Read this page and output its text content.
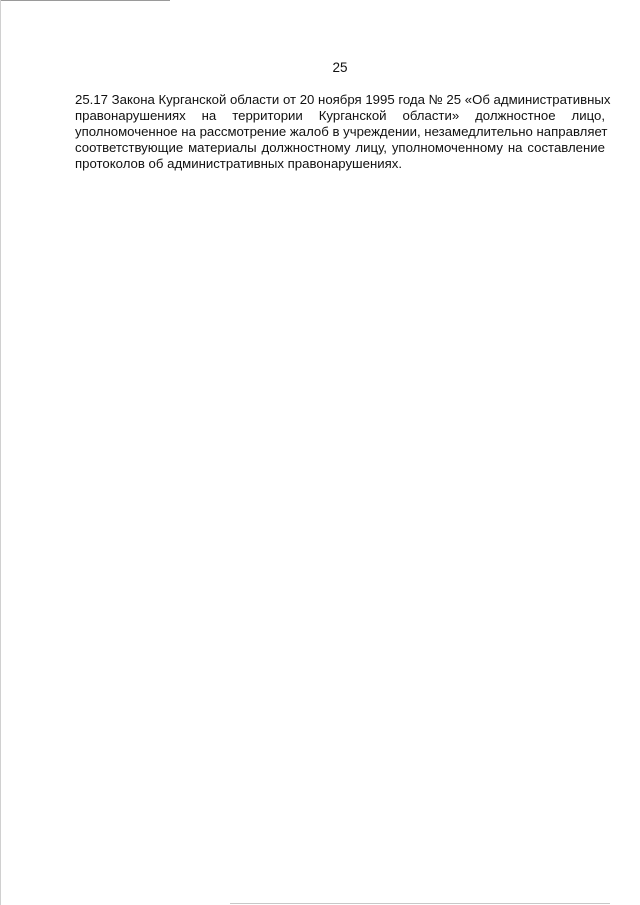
25

25.17 Закона Курганской области от 20 ноября 1995 года № 25 «Об административных
правонарушениях на территории Курганской области» должностное лицо,
уполномоченное на рассмотрение жалоб в учреждении, незамедлительно направляет
соответствующие материалы должностному лицу, уполномоченному на составление
протоколов об административных правонарушениях.
